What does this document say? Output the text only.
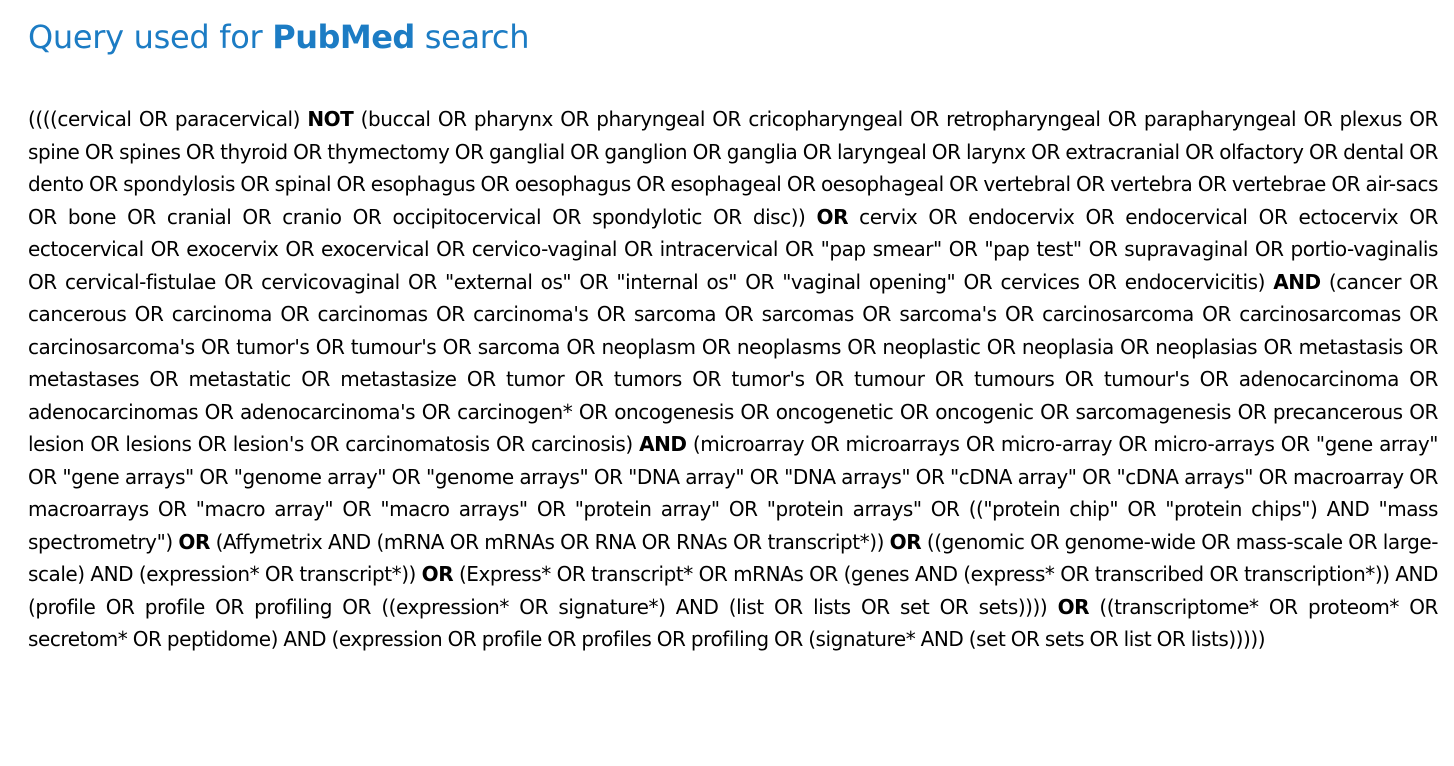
Query used for PubMed search

((((cervical OR paracervical) NOT (buccal OR pharynx OR pharyngeal OR cricopharyngeal OR retropharyngeal OR parapharyngeal OR plexus OR spine OR spines OR thyroid OR thymectomy OR ganglial OR ganglion OR ganglia OR laryngeal OR larynx OR extracranial OR olfactory OR dental OR dento OR spondylosis OR spinal OR esophagus OR oesophagus OR esophageal OR oesophageal OR vertebral OR vertebra OR vertebrae OR air-sacs OR bone OR cranial OR cranio OR occipitocervical OR spondylotic OR disc)) OR cervix OR endocervix OR endocervical OR ectocervix OR ectocervical OR exocervix OR exocervical OR cervico-vaginal OR intracervical OR "pap smear" OR "pap test" OR supravaginal OR portio-vaginalis OR cervical-fistulae OR cervicovaginal OR "external os" OR "internal os" OR "vaginal opening" OR cervices OR endocervicitis) AND (cancer OR cancerous OR carcinoma OR carcinomas OR carcinoma's OR sarcoma OR sarcomas OR sarcoma's OR carcinosarcoma OR carcinosarcomas OR carcinosarcoma's OR tumor's OR tumour's OR sarcoma OR neoplasm OR neoplasms OR neoplastic OR neoplasia OR neoplasias OR metastasis OR metastases OR metastatic OR metastasize OR tumor OR tumors OR tumor's OR tumour OR tumours OR tumour's OR adenocarcinoma OR adenocarcinomas OR adenocarcinoma's OR carcinogen* OR oncogenesis OR oncogenetic OR oncogenic OR sarcomagenesis OR precancerous OR lesion OR lesions OR lesion's OR carcinomatosis OR carcinosis) AND (microarray OR microarrays OR micro-array OR micro-arrays OR "gene array" OR "gene arrays" OR "genome array" OR "genome arrays" OR "DNA array" OR "DNA arrays" OR "cDNA array" OR "cDNA arrays" OR macroarray OR macroarrays OR "macro array" OR "macro arrays" OR "protein array" OR "protein arrays" OR (("protein chip" OR "protein chips") AND "mass spectrometry") OR (Affymetrix AND (mRNA OR mRNAs OR RNA OR RNAs OR transcript*)) OR ((genomic OR genome-wide OR mass-scale OR large-scale) AND (expression* OR transcript*)) OR (Express* OR transcript* OR mRNAs OR (genes AND (express* OR transcribed OR transcription*)) AND (profile OR profile OR profiling OR ((expression* OR signature*) AND (list OR lists OR set OR sets)))) OR ((transcriptome* OR proteom* OR secretom* OR peptidome) AND (expression OR profile OR profiles OR profiling OR (signature* AND (set OR sets OR list OR lists)))))
